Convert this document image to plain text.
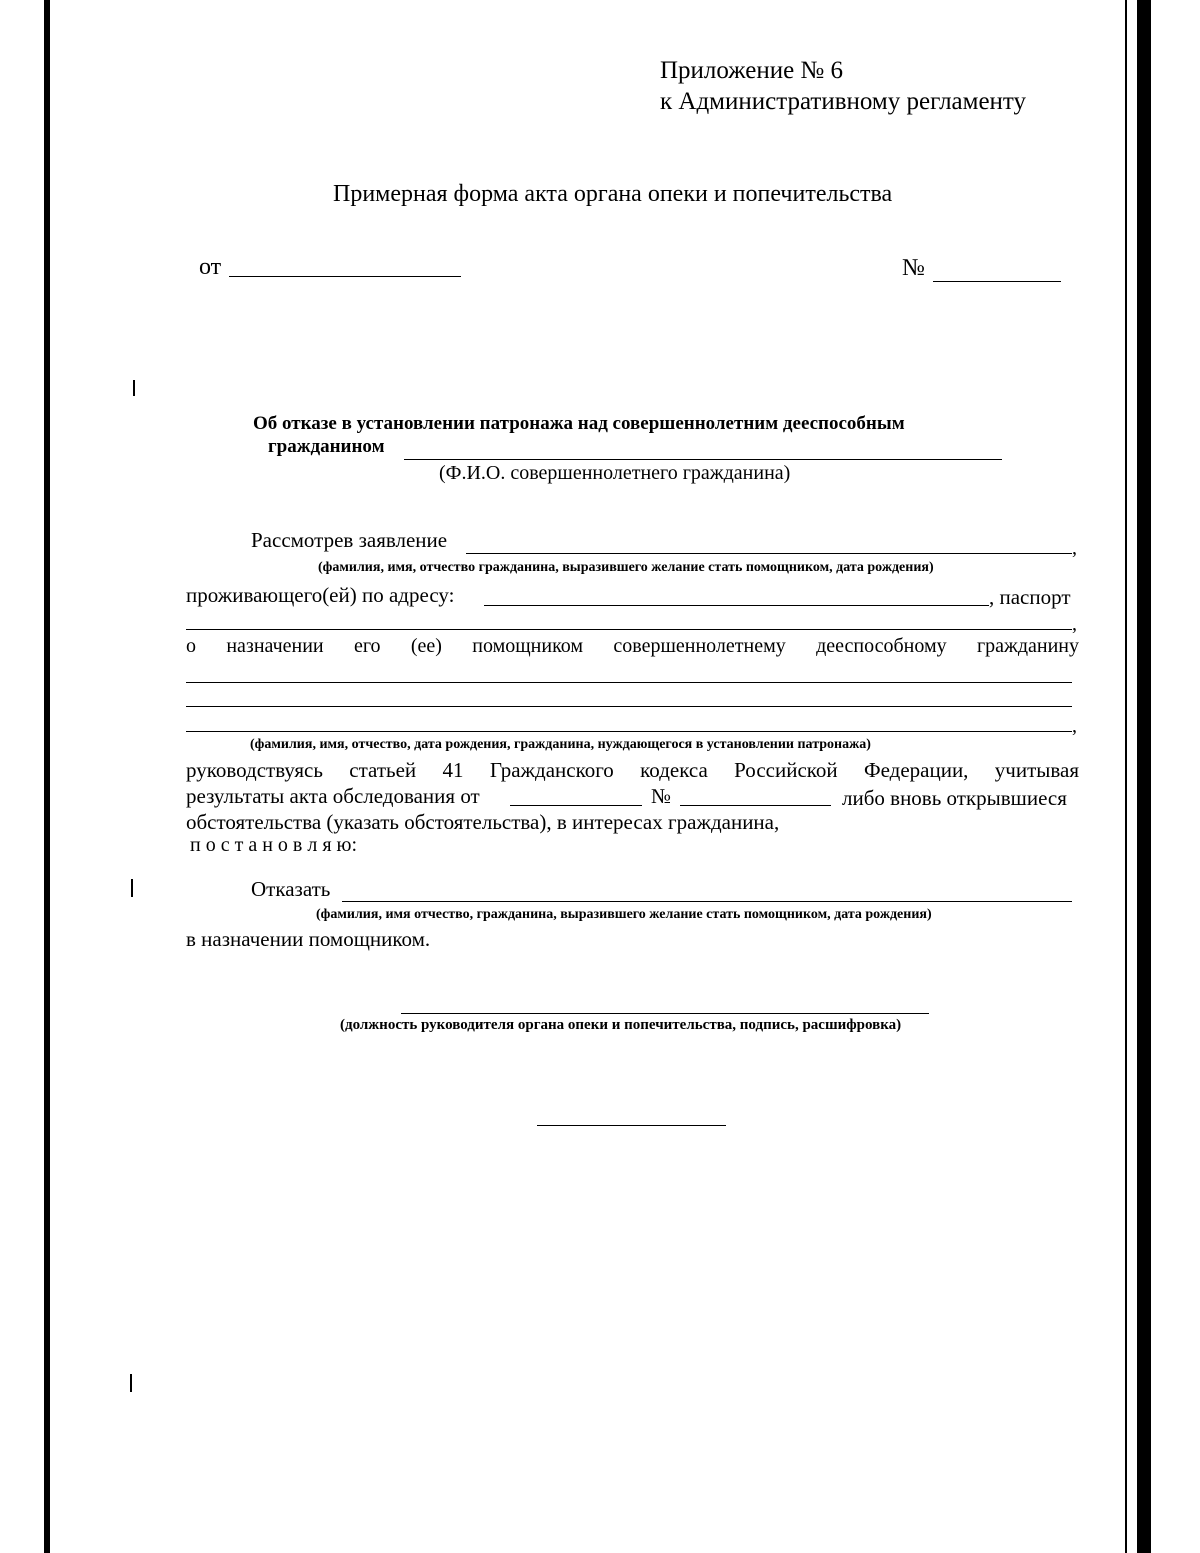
Приложение № 6
к Административному регламенту
Примерная форма акта органа опеки и попечительства
от	№
Об отказе в установлении патронажа над совершеннолетним дееспособным
гражданином
(Ф.И.О. совершеннолетнего гражданина)
Рассмотрев заявление	,
(фамилия, имя, отчество гражданина, выразившего желание стать помощником, дата рождения)
проживающего(ей) по адресу:	, паспорт
,
о назначении его (ее) помощником совершеннолетнему дееспособному гражданину
,
(фамилия, имя, отчество, дата рождения, гражданина, нуждающегося в установлении патронажа)
руководствуясь статьей 41 Гражданского кодекса Российской Федерации, учитывая
результаты акта обследования от	№	либо вновь открывшиеся
обстоятельства (указать обстоятельства), в интересах гражданина,
п о с т а н о в л я ю:
Отказать
(фамилия, имя отчество, гражданина, выразившего желание стать помощником, дата рождения)
в назначении помощником.
(должность руководителя органа опеки и попечительства, подпись, расшифровка)
